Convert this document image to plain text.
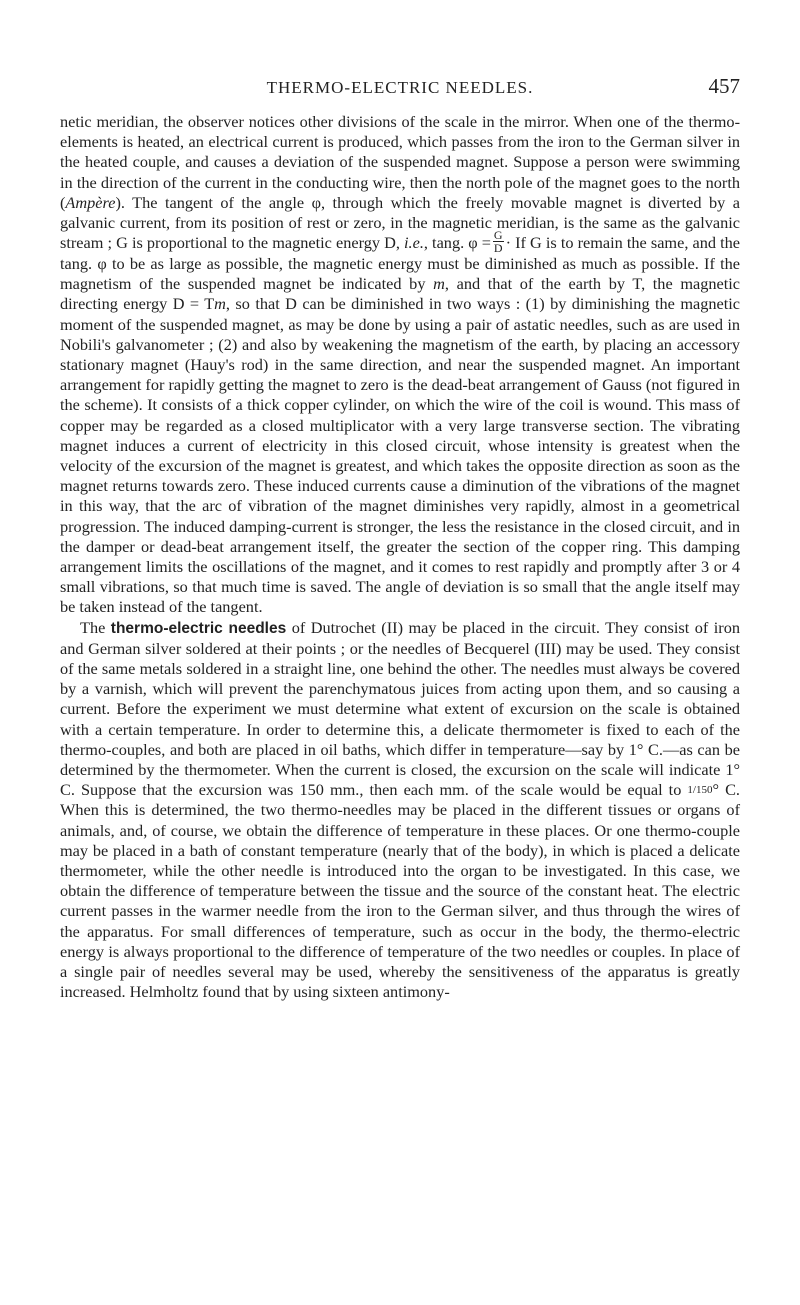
THERMO-ELECTRIC NEEDLES.	457

netic meridian, the observer notices other divisions of the scale in the mirror. When one of the thermo-elements is heated, an electrical current is produced, which passes from the iron to the German silver in the heated couple, and causes a deviation of the suspended magnet. Suppose a person were swimming in the direction of the current in the conducting wire, then the north pole of the magnet goes to the north (Ampère). The tangent of the angle φ, through which the freely movable magnet is diverted by a galvanic current, from its position of rest or zero, in the magnetic meridian, is the same as the galvanic stream ; G is proportional to the magnetic energy D, i.e., tang. $\varphi = \frac{G}{D} \cdot If$ G is to remain the same, and the tang. φ to be as large as possible, the magnetic energy must be diminished as much as possible. If the magnetism of the suspended magnet be indicated by m, and that of the earth by T, the magnetic directing energy D = Tm, so that D can be diminished in two ways : (1) by diminishing the magnetic moment of the suspended magnet, as may be done by using a pair of astatic needles, such as are used in Nobili's galvanometer ; (2) and also by weakening the magnetism of the earth, by placing an accessory stationary magnet (Hauy's rod) in the same direction, and near the suspended magnet. An important arrangement for rapidly getting the magnet to zero is the dead-beat arrangement of Gauss (not figured in the scheme). It consists of a thick copper cylinder, on which the wire of the coil is wound. This mass of copper may be regarded as a closed multiplicator with a very large transverse section. The vibrating magnet induces a current of electricity in this closed circuit, whose intensity is greatest when the velocity of the excursion of the magnet is greatest, and which takes the opposite direction as soon as the magnet returns towards zero. These induced currents cause a diminution of the vibrations of the magnet in this way, that the arc of vibration of the magnet diminishes very rapidly, almost in a geometrical progression. The induced damping-current is stronger, the less the resistance in the closed circuit, and in the damper or dead-beat arrangement itself, the greater the section of the copper ring. This damping arrangement limits the oscillations of the magnet, and it comes to rest rapidly and promptly after 3 or 4 small vibrations, so that much time is saved. The angle of deviation is so small that the angle itself may be taken instead of the tangent.

The thermo-electric needles of Dutrochet (II) may be placed in the circuit. They consist of iron and German silver soldered at their points ; or the needles of Becquerel (III) may be used. They consist of the same metals soldered in a straight line, one behind the other. The needles must always be covered by a varnish, which will prevent the parenchymatous juices from acting upon them, and so causing a current. Before the experiment we must determine what extent of excursion on the scale is obtained with a certain temperature. In order to determine this, a delicate thermometer is fixed to each of the thermo-couples, and both are placed in oil baths, which differ in temperature—say by 1° C.—as can be determined by the thermometer. When the current is closed, the excursion on the scale will indicate 1° C. Suppose that the excursion was 150 mm., then each mm. of the scale would be equal to 1/150° C. When this is determined, the two thermo-needles may be placed in the different tissues or organs of animals, and, of course, we obtain the difference of temperature in these places. Or one thermo-couple may be placed in a bath of constant temperature (nearly that of the body), in which is placed a delicate thermometer, while the other needle is introduced into the organ to be investigated. In this case, we obtain the difference of temperature between the tissue and the source of the constant heat. The electric current passes in the warmer needle from the iron to the German silver, and thus through the wires of the apparatus. For small differences of temperature, such as occur in the body, the thermo-electric energy is always proportional to the difference of temperature of the two needles or couples. In place of a single pair of needles several may be used, whereby the sensitiveness of the apparatus is greatly increased. Helmholtz found that by using sixteen antimony-
